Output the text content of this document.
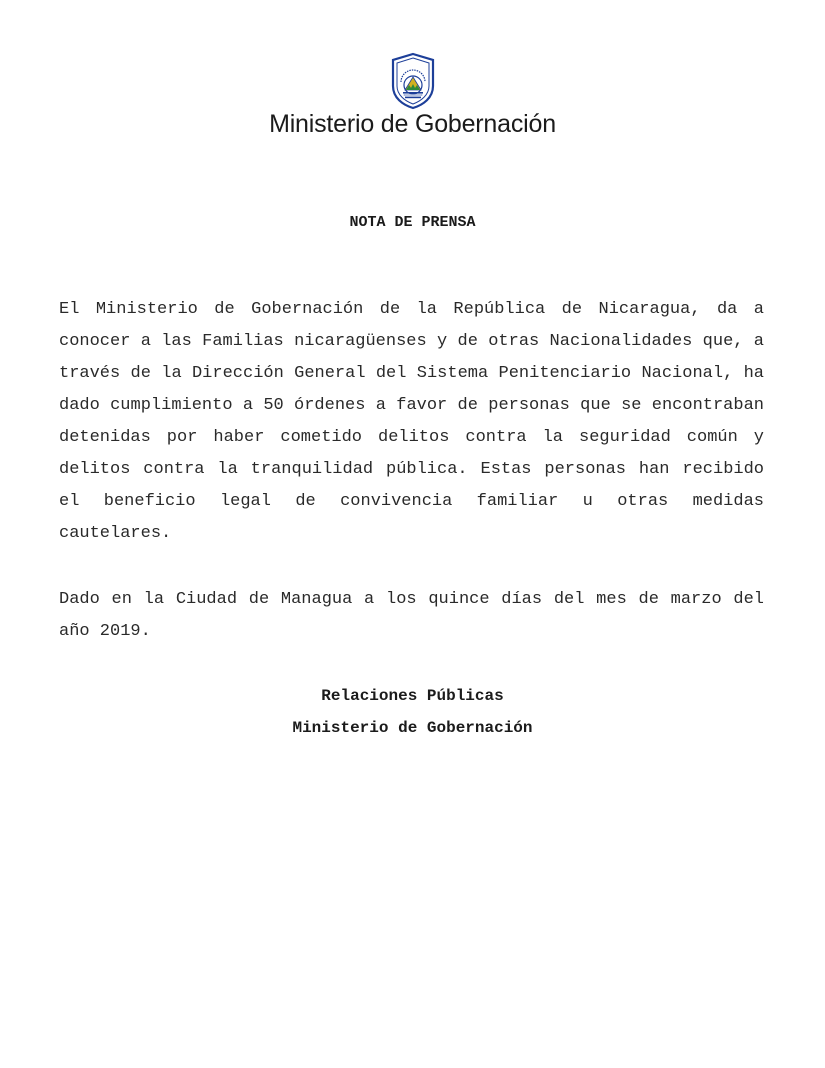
Ministerio de Gobernación
NOTA DE PRENSA

El Ministerio de Gobernación de la República de Nicaragua, da a conocer a las Familias nicaragüenses y de otras Nacionalidades que, a través de la Dirección General del Sistema Penitenciario Nacional, ha dado cumplimiento a 50 órdenes a favor de personas que se encontraban detenidas por haber cometido delitos contra la seguridad común y delitos contra la tranquilidad pública. Estas personas han recibido el beneficio legal de convivencia familiar u otras medidas cautelares.

Dado en la Ciudad de Managua a los quince días del mes de marzo del año 2019.

Relaciones Públicas
Ministerio de Gobernación
